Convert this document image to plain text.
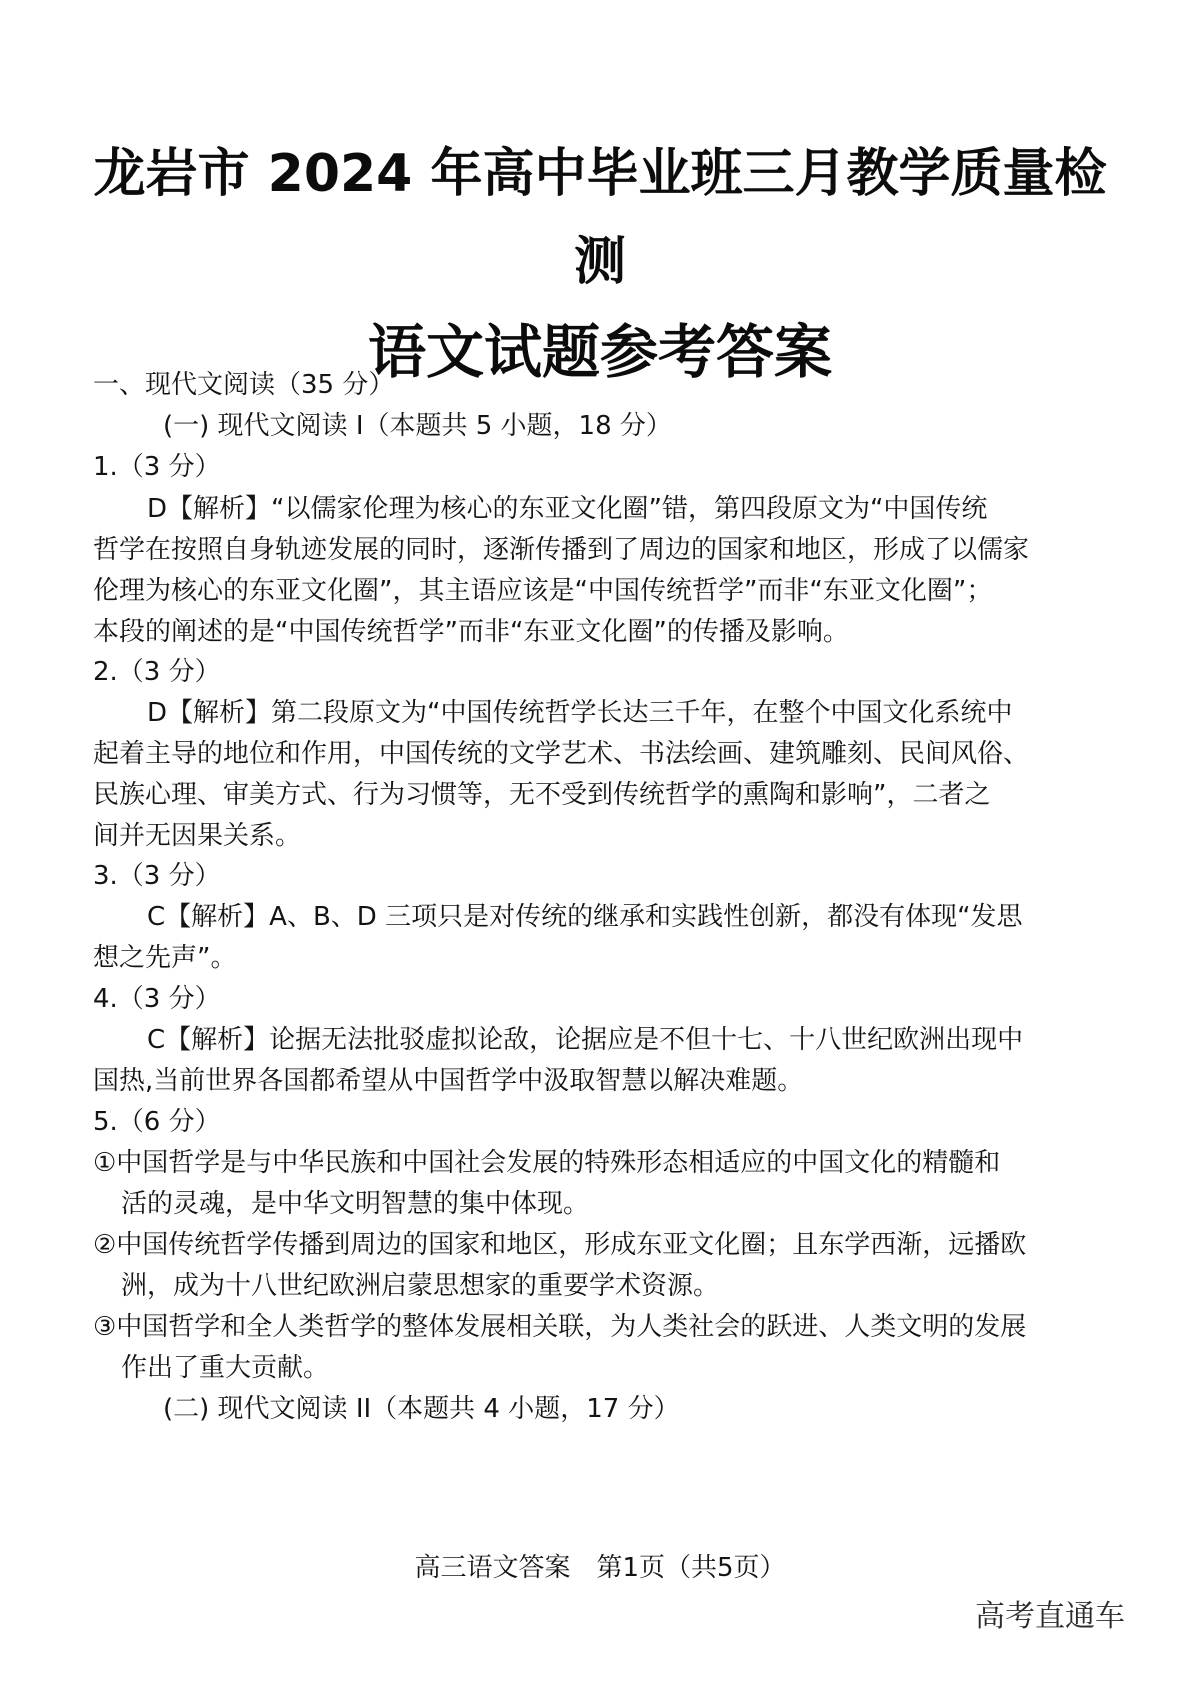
龙岩市 2024 年高中毕业班三月教学质量检
测
语文试题参考答案
一、现代文阅读（35 分）
(一) 现代文阅读 I（本题共 5 小题，18 分）
1.（3 分）
D【解析】“以儒家伦理为核心的东亚文化圈”错，第四段原文为“中国传统
哲学在按照自身轨迹发展的同时，逐渐传播到了周边的国家和地区，形成了以儒家
伦理为核心的东亚文化圈”，其主语应该是“中国传统哲学”而非“东亚文化圈”；
本段的阐述的是“中国传统哲学”而非“东亚文化圈”的传播及影响。
2.（3 分）
D【解析】第二段原文为“中国传统哲学长达三千年，在整个中国文化系统中
起着主导的地位和作用，中国传统的文学艺术、书法绘画、建筑雕刻、民间风俗、
民族心理、审美方式、行为习惯等，无不受到传统哲学的熏陶和影响”，二者之
间并无因果关系。
3.（3 分）
C【解析】A、B、D 三项只是对传统的继承和实践性创新，都没有体现“发思
想之先声”。
4.（3 分）
C【解析】论据无法批驳虚拟论敌，论据应是不但十七、十八世纪欧洲出现中
国热,当前世界各国都希望从中国哲学中汲取智慧以解决难题。
5.（6 分）
①中国哲学是与中华民族和中国社会发展的特殊形态相适应的中国文化的精髓和
活的灵魂，是中华文明智慧的集中体现。
②中国传统哲学传播到周边的国家和地区，形成东亚文化圈；且东学西渐，远播欧
洲，成为十八世纪欧洲启蒙思想家的重要学术资源。
③中国哲学和全人类哲学的整体发展相关联，为人类社会的跃进、人类文明的发展
作出了重大贡献。
(二) 现代文阅读 II（本题共 4 小题，17 分）
高三语文答案　第1页（共5页）
高考直通车
